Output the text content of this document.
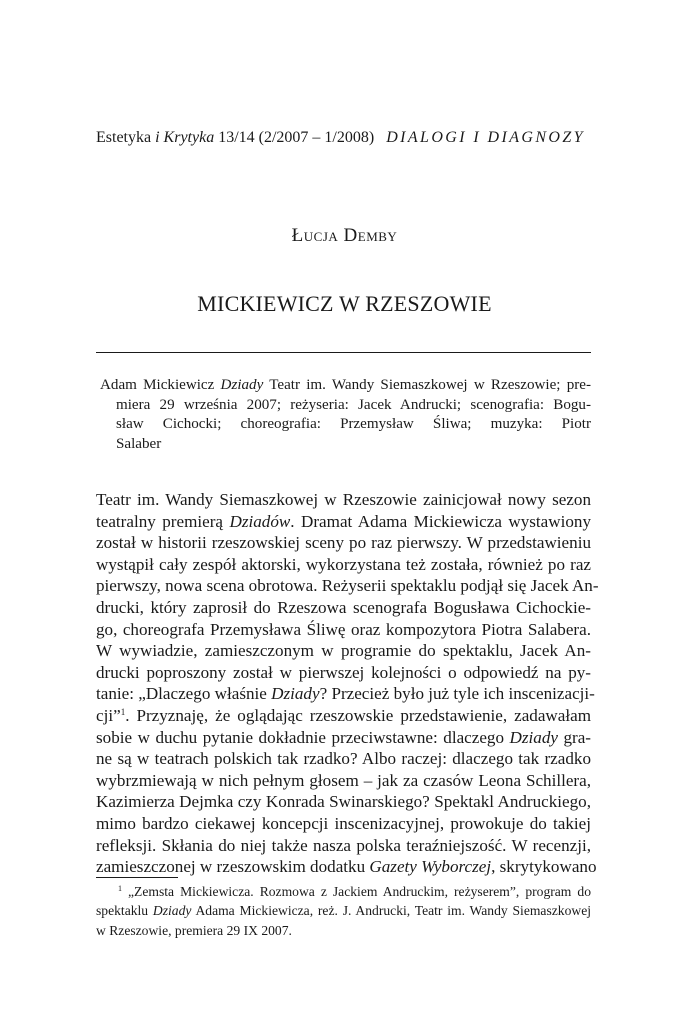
Estetyka i Krytyka 13/14 (2/2007 – 1/2008) DIALOGI I DIAGNOZY
Łucja Demby
MICKIEWICZ W RZESZOWIE
Adam Mickiewicz Dziady Teatr im. Wandy Siemaszkowej w Rzeszowie; pre-
miera 29 września 2007; reżyseria: Jacek Andrucki; scenografia: Bogu-
sław Cichocki; choreografia: Przemysław Śliwa; muzyka: Piotr
Salaber
Teatr im. Wandy Siemaszkowej w Rzeszowie zainicjował nowy sezon
teatralny premierą Dziadów. Dramat Adama Mickiewicza wystawiony
został w historii rzeszowskiej sceny po raz pierwszy. W przedstawieniu
wystąpił cały zespół aktorski, wykorzystana też została, również po raz
pierwszy, nowa scena obrotowa. Reżyserii spektaklu podjął się Jacek An-
drucki, który zaprosił do Rzeszowa scenografa Bogusława Cichockie-
go, choreografa Przemysława Śliwę oraz kompozytora Piotra Salabera.
W wywiadzie, zamieszczonym w programie do spektaklu, Jacek An-
drucki poproszony został w pierwszej kolejności o odpowiedź na py-
tanie: „Dlaczego właśnie Dziady? Przecież było już tyle ich inscenizacji-
cji”$^1$. Przyznaję, że oglądając rzeszowskie przedstawienie, zadawałam
sobie w duchu pytanie dokładnie przeciwstawne: dlaczego Dziady gra-
ne są w teatrach polskich tak rzadko? Albo raczej: dlaczego tak rzadko
wybrzmiewają w nich pełnym głosem – jak za czasów Leona Schillera,
Kazimierza Dejmka czy Konrada Swinarskiego? Spektakl Andruckiego,
mimo bardzo ciekawej koncepcji inscenizacyjnej, prowokuje do takiej
refleksji. Skłania do niej także nasza polska teraźniejszość. W recenzji,
zamieszczonej w rzeszowskim dodatku Gazety Wyborczej, skrytykowano
$^1$ „Zemsta Mickiewicza. Rozmowa z Jackiem Andruckim, reżyserem”, program do
spektaklu Dziady Adama Mickiewicza, reż. J. Andrucki, Teatr im. Wandy Siemaszkowej
w Rzeszowie, premiera 29 IX 2007.
